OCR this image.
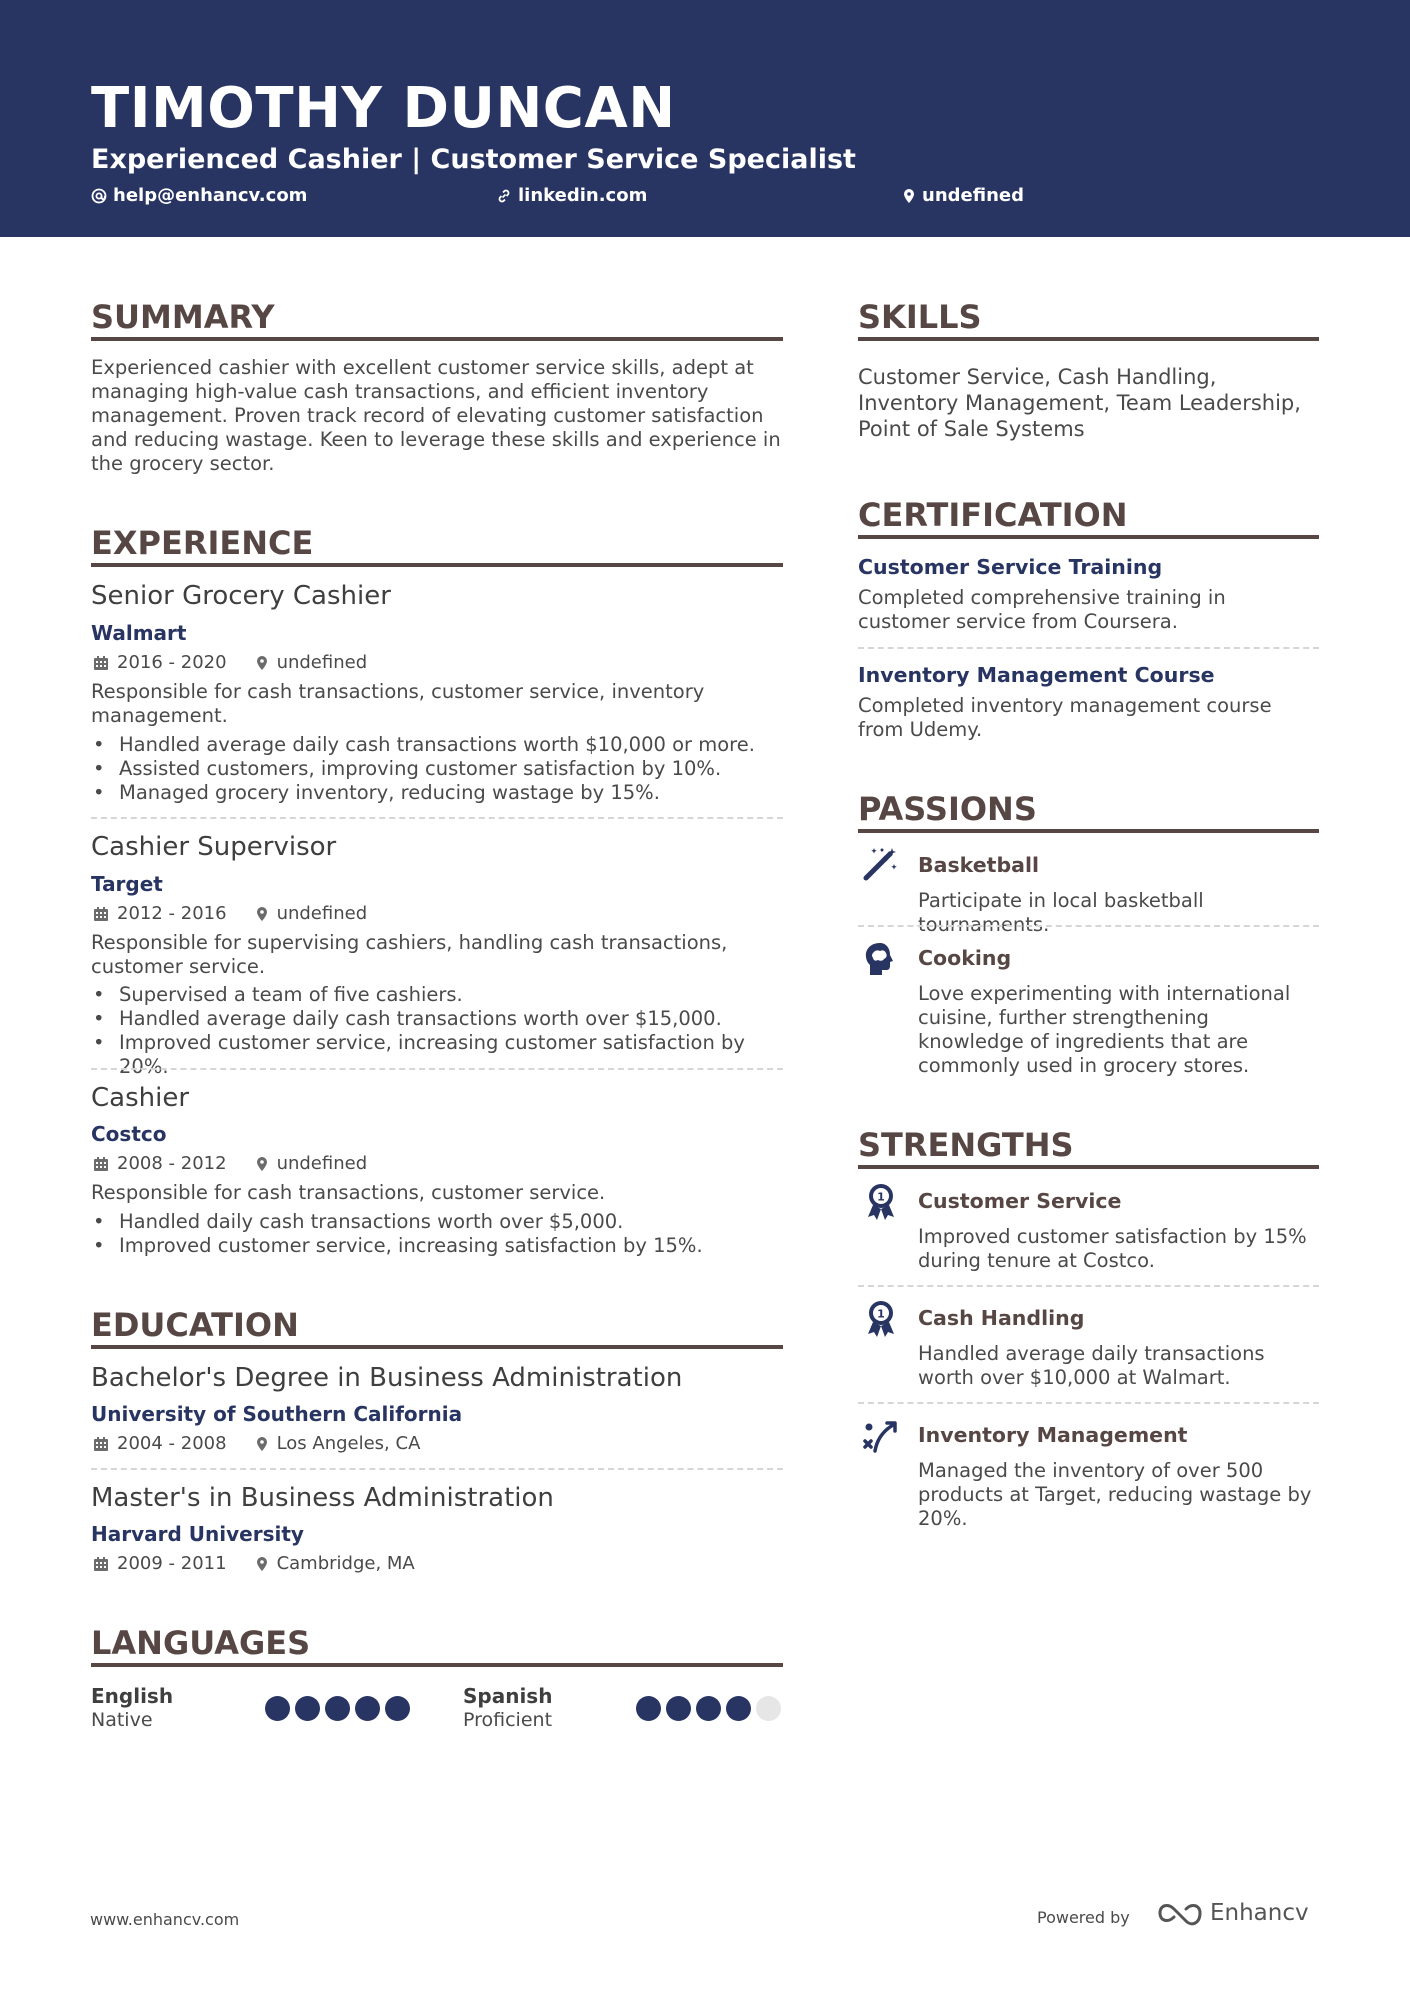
TIMOTHY DUNCAN
Experienced Cashier | Customer Service Specialist
help@enhancv.com	linkedin.com	undefined
SUMMARY
Experienced cashier with excellent customer service skills, adept at managing high-value cash transactions, and efficient inventory management. Proven track record of elevating customer satisfaction and reducing wastage. Keen to leverage these skills and experience in the grocery sector.
EXPERIENCE
Senior Grocery Cashier
Walmart
2016 - 2020	undefined
Responsible for cash transactions, customer service, inventory management.
• Handled average daily cash transactions worth $10,000 or more.
• Assisted customers, improving customer satisfaction by 10%.
• Managed grocery inventory, reducing wastage by 15%.
Cashier Supervisor
Target
2012 - 2016	undefined
Responsible for supervising cashiers, handling cash transactions, customer service.
• Supervised a team of five cashiers.
• Handled average daily cash transactions worth over $15,000.
• Improved customer service, increasing customer satisfaction by 20%.
Cashier
Costco
2008 - 2012	undefined
Responsible for cash transactions, customer service.
• Handled daily cash transactions worth over $5,000.
• Improved customer service, increasing satisfaction by 15%.
EDUCATION
Bachelor's Degree in Business Administration
University of Southern California
2004 - 2008	Los Angeles, CA
Master's in Business Administration
Harvard University
2009 - 2011	Cambridge, MA
LANGUAGES
English
Native
Spanish
Proficient
SKILLS
Customer Service, Cash Handling, Inventory Management, Team Leadership, Point of Sale Systems
CERTIFICATION
Customer Service Training
Completed comprehensive training in customer service from Coursera.
Inventory Management Course
Completed inventory management course from Udemy.
PASSIONS
Basketball
Participate in local basketball tournaments.
Cooking
Love experimenting with international cuisine, further strengthening knowledge of ingredients that are commonly used in grocery stores.
STRENGTHS
1 Customer Service
Improved customer satisfaction by 15% during tenure at Costco.
1 Cash Handling
Handled average daily transactions worth over $10,000 at Walmart.
Inventory Management
Managed the inventory of over 500 products at Target, reducing wastage by 20%.
www.enhancv.com	Powered by	Enhancv
